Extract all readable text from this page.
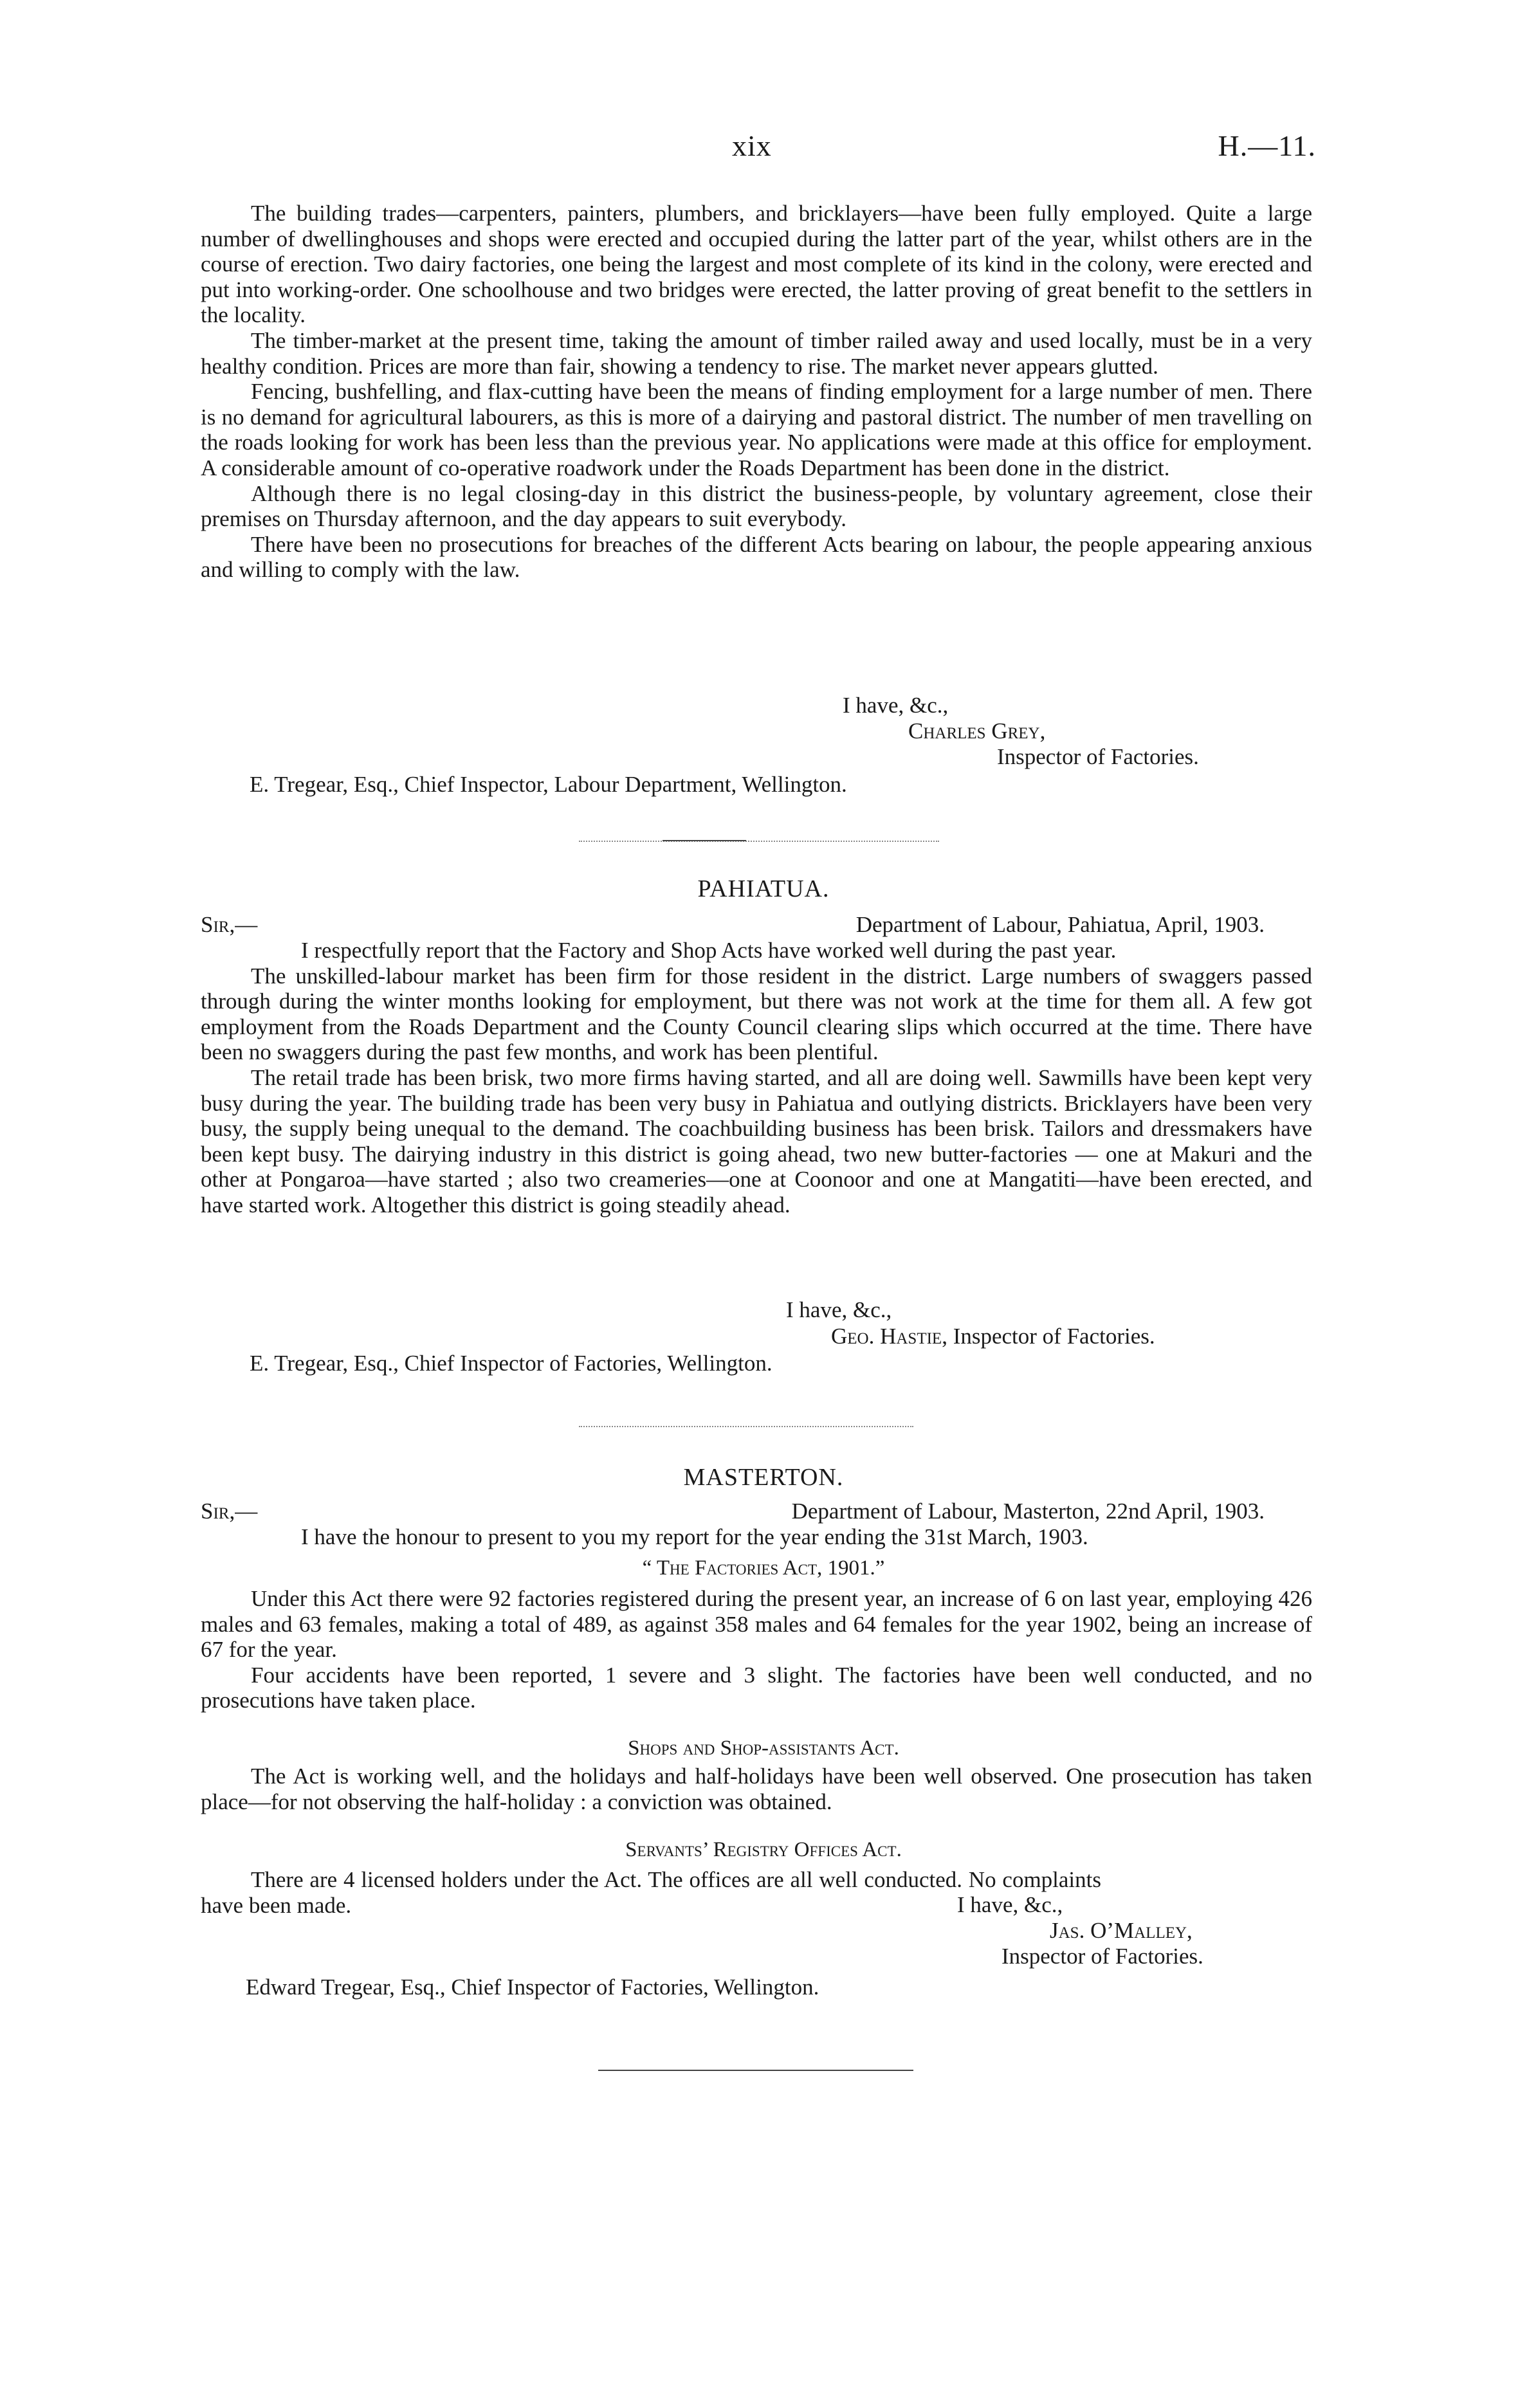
xix	H.—11.

The building trades—carpenters, painters, plumbers, and bricklayers—have been fully employed. Quite a large number of dwellinghouses and shops were erected and occupied during the latter part of the year, whilst others are in the course of erection. Two dairy factories, one being the largest and most complete of its kind in the colony, were erected and put into working-order. One schoolhouse and two bridges were erected, the latter proving of great benefit to the settlers in the locality.

The timber-market at the present time, taking the amount of timber railed away and used locally, must be in a very healthy condition. Prices are more than fair, showing a tendency to rise. The market never appears glutted.

Fencing, bushfelling, and flax-cutting have been the means of finding employment for a large number of men. There is no demand for agricultural labourers, as this is more of a dairying and pastoral district. The number of men travelling on the roads looking for work has been less than the previous year. No applications were made at this office for employment. A considerable amount of co-operative roadwork under the Roads Department has been done in the district.

Although there is no legal closing-day in this district the business-people, by voluntary agreement, close their premises on Thursday afternoon, and the day appears to suit everybody.

There have been no prosecutions for breaches of the different Acts bearing on labour, the people appearing anxious and willing to comply with the law.

I have, &c.,
Charles Grey,
Inspector of Factories.
E. Tregear, Esq., Chief Inspector, Labour Department, Wellington.
PAHIATUA.
Sir,—	Department of Labour, Pahiatua, April, 1903.

I respectfully report that the Factory and Shop Acts have worked well during the past year.

The unskilled-labour market has been firm for those resident in the district. Large numbers of swaggers passed through during the winter months looking for employment, but there was not work at the time for them all. A few got employment from the Roads Department and the County Council clearing slips which occurred at the time. There have been no swaggers during the past few months, and work has been plentiful.

The retail trade has been brisk, two more firms having started, and all are doing well. Sawmills have been kept very busy during the year. The building trade has been very busy in Pahiatua and outlying districts. Bricklayers have been very busy, the supply being unequal to the demand. The coachbuilding business has been brisk. Tailors and dressmakers have been kept busy. The dairying industry in this district is going ahead, two new butter-factories — one at Makuri and the other at Pongaroa—have started ; also two creameries—one at Coonoor and one at Mangatiti—have been erected, and have started work. Altogether this district is going steadily ahead.

I have, &c.,
Geo. Hastie, Inspector of Factories.
E. Tregear, Esq., Chief Inspector of Factories, Wellington.
MASTERTON.
Sir,—	Department of Labour, Masterton, 22nd April, 1903.
I have the honour to present to you my report for the year ending the 31st March, 1903.
“ The Factories Act, 1901.”

Under this Act there were 92 factories registered during the present year, an increase of 6 on last year, employing 426 males and 63 females, making a total of 489, as against 358 males and 64 females for the year 1902, being an increase of 67 for the year.

Four accidents have been reported, 1 severe and 3 slight. The factories have been well conducted, and no prosecutions have taken place.

Shops and Shop-assistants Act.

The Act is working well, and the holidays and half-holidays have been well observed. One prosecution has taken place—for not observing the half-holiday : a conviction was obtained.

Servants’ Registry Offices Act.

There are 4 licensed holders under the Act. The offices are all well conducted. No complaints have been made.	I have, &c.,
Jas. O’Malley,
Inspector of Factories.
Edward Tregear, Esq., Chief Inspector of Factories, Wellington.
